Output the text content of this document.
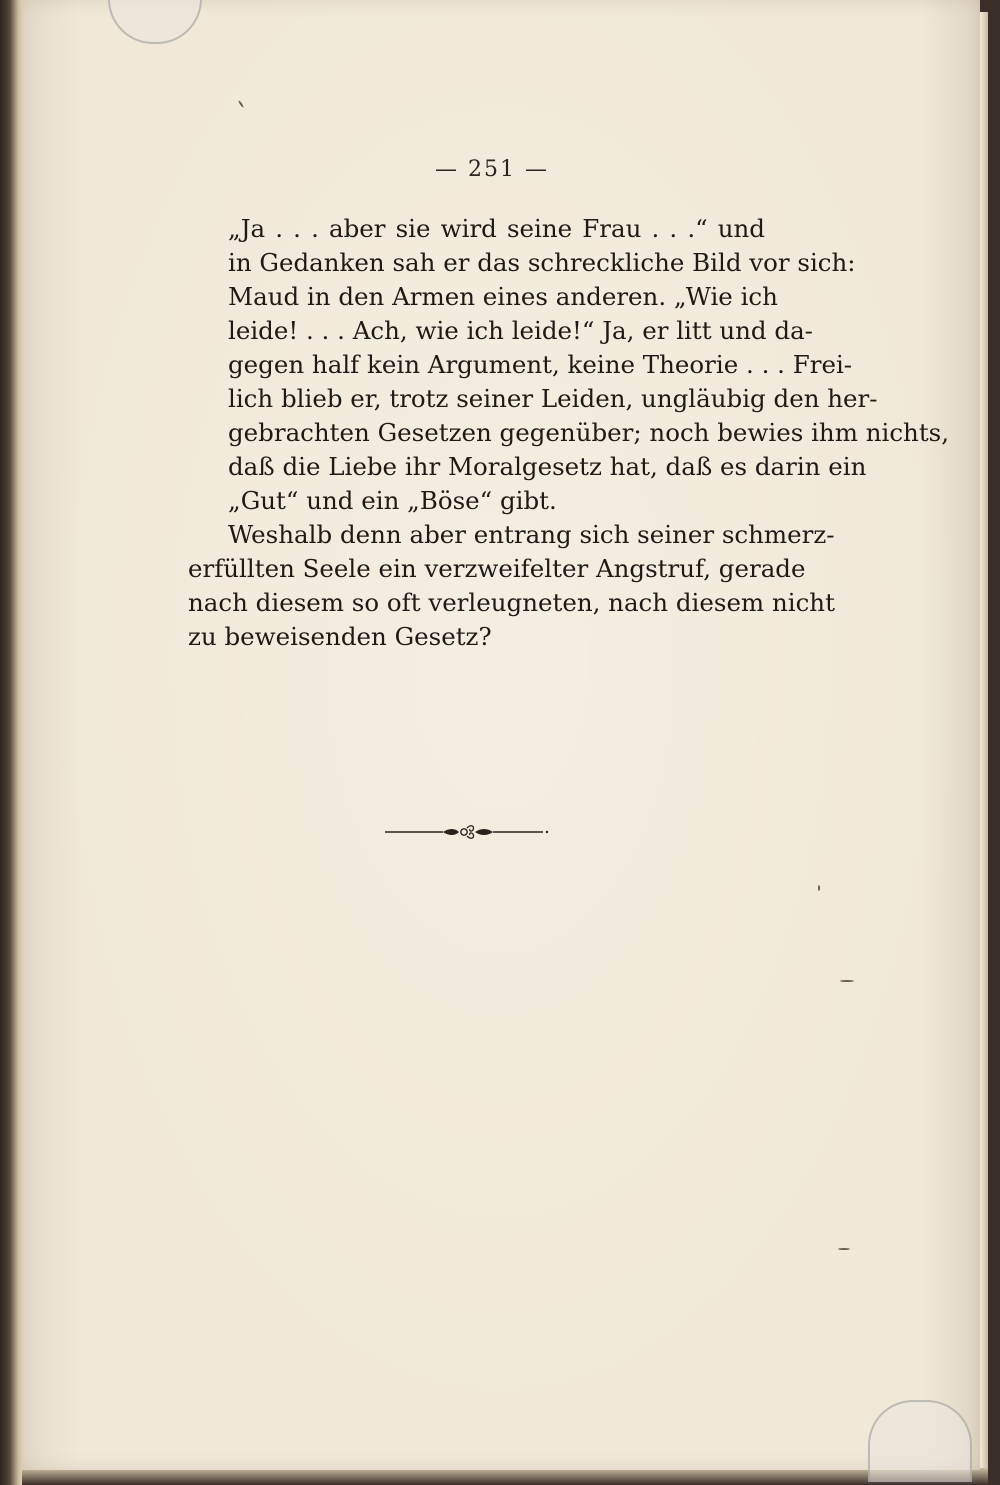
— 251 —

„Ja . . . aber sie wird seine Frau . . .“ und
in Gedanken sah er das schreckliche Bild vor sich:
Maud in den Armen eines anderen. „Wie ich
leide! . . . Ach, wie ich leide!“ Ja, er litt und da-
gegen half kein Argument, keine Theorie . . . Frei-
lich blieb er, trotz seiner Leiden, ungläubig den her-
gebrachten Gesetzen gegenüber; noch bewies ihm nichts,
daß die Liebe ihr Moralgesetz hat, daß es darin ein
„Gut“ und ein „Böse“ gibt.

Weshalb denn aber entrang sich seiner schmerz-
erfüllten Seele ein verzweifelter Angstruf, gerade
nach diesem so oft verleugneten, nach diesem nicht
zu beweisenden Gesetz?
